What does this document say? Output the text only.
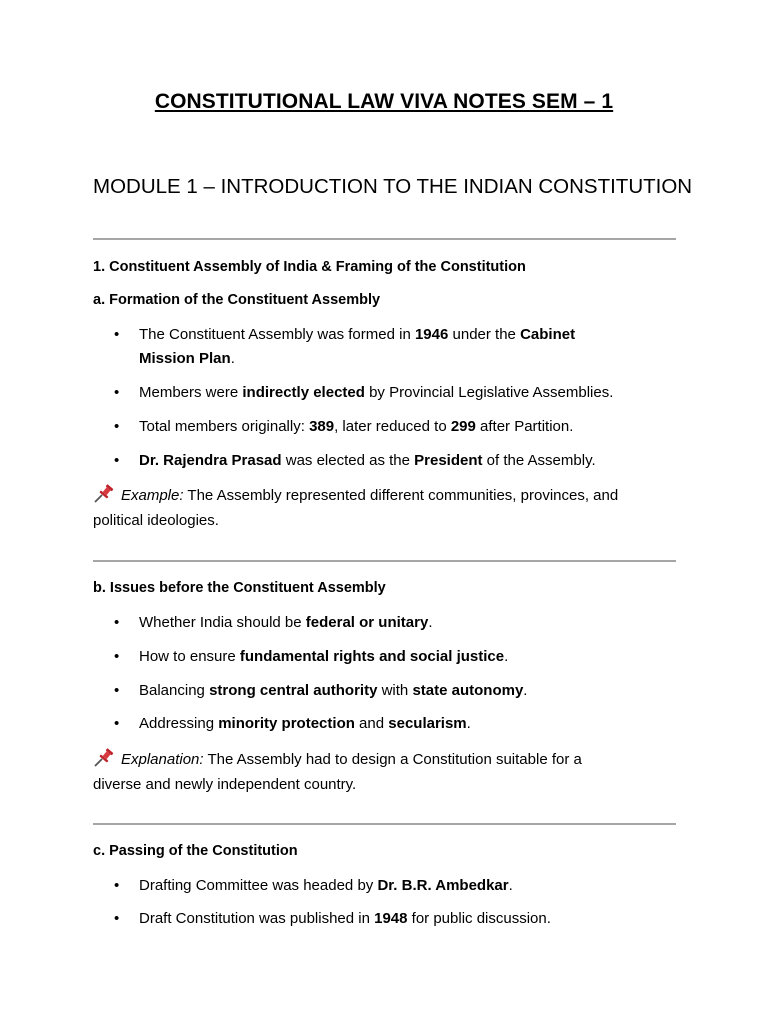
CONSTITUTIONAL LAW VIVA NOTES SEM – 1
MODULE 1 – INTRODUCTION TO THE INDIAN CONSTITUTION
1. Constituent Assembly of India & Framing of the Constitution
a. Formation of the Constituent Assembly
• The Constituent Assembly was formed in 1946 under the Cabinet
Mission Plan.
• Members were indirectly elected by Provincial Legislative Assemblies.
• Total members originally: 389, later reduced to 299 after Partition.
• Dr. Rajendra Prasad was elected as the President of the Assembly.

Example: The Assembly represented different communities, provinces, and
political ideologies.

b. Issues before the Constituent Assembly
• Whether India should be federal or unitary.
• How to ensure fundamental rights and social justice.
• Balancing strong central authority with state autonomy.
• Addressing minority protection and secularism.

Explanation: The Assembly had to design a Constitution suitable for a
diverse and newly independent country.

c. Passing of the Constitution
• Drafting Committee was headed by Dr. B.R. Ambedkar.
• Draft Constitution was published in 1948 for public discussion.
